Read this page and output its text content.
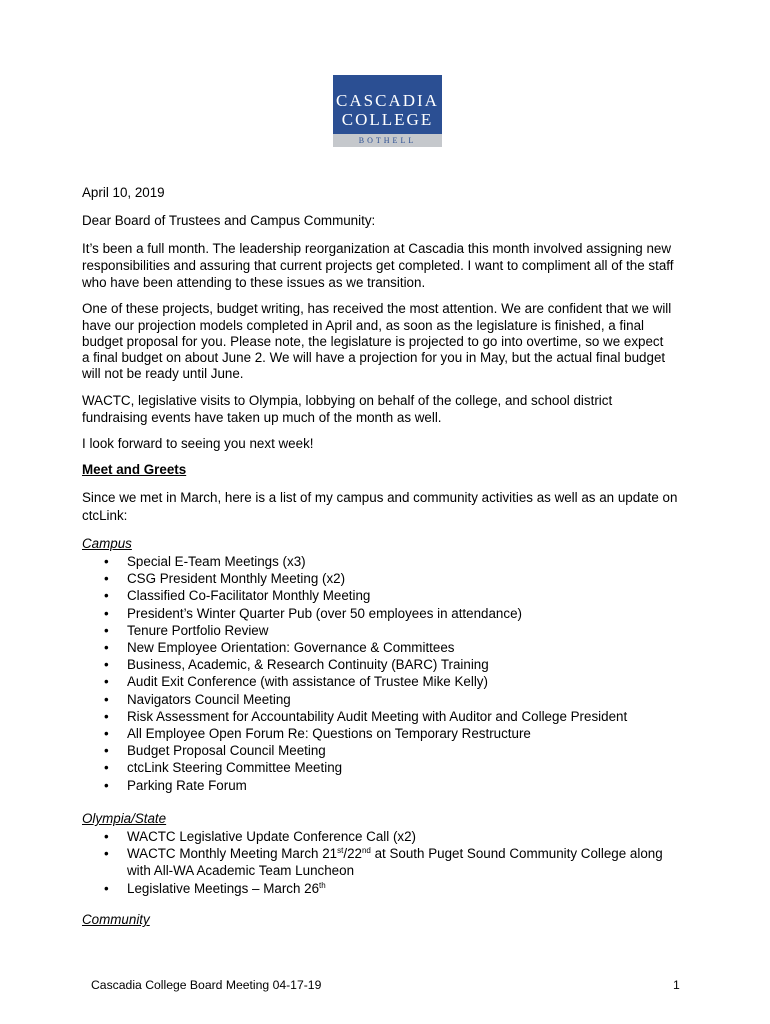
CASCADIA
COLLEGE
BOTHELL

April 10, 2019

Dear Board of Trustees and Campus Community:

It’s been a full month. The leadership reorganization at Cascadia this month involved assigning new

responsibilities and assuring that current projects get completed. I want to compliment all of the staff

who have been attending to these issues as we transition.

One of these projects, budget writing, has received the most attention. We are confident that we will

have our projection models completed in April and, as soon as the legislature is finished, a final

budget proposal for you. Please note, the legislature is projected to go into overtime, so we expect

a final budget on about June 2. We will have a projection for you in May, but the actual final budget

will not be ready until June.

WACTC, legislative visits to Olympia, lobbying on behalf of the college, and school district

fundraising events have taken up much of the month as well.

I look forward to seeing you next week!

Meet and Greets

Since we met in March, here is a list of my campus and community activities as well as an update on

ctcLink:

Campus

• Special E-Team Meetings (x3)
• CSG President Monthly Meeting (x2)
• Classified Co-Facilitator Monthly Meeting
• President’s Winter Quarter Pub (over 50 employees in attendance)
• Tenure Portfolio Review
• New Employee Orientation: Governance & Committees
• Business, Academic, & Research Continuity (BARC) Training
• Audit Exit Conference (with assistance of Trustee Mike Kelly)
• Navigators Council Meeting
• Risk Assessment for Accountability Audit Meeting with Auditor and College President
• All Employee Open Forum Re: Questions on Temporary Restructure
• Budget Proposal Council Meeting
• ctcLink Steering Committee Meeting
• Parking Rate Forum

Olympia/State

• WACTC Legislative Update Conference Call (x2)
• WACTC Monthly Meeting March 21st/22nd at South Puget Sound Community College along
with All-WA Academic Team Luncheon
• Legislative Meetings – March 26th

Community

Cascadia College Board Meeting 04-17-19	1
